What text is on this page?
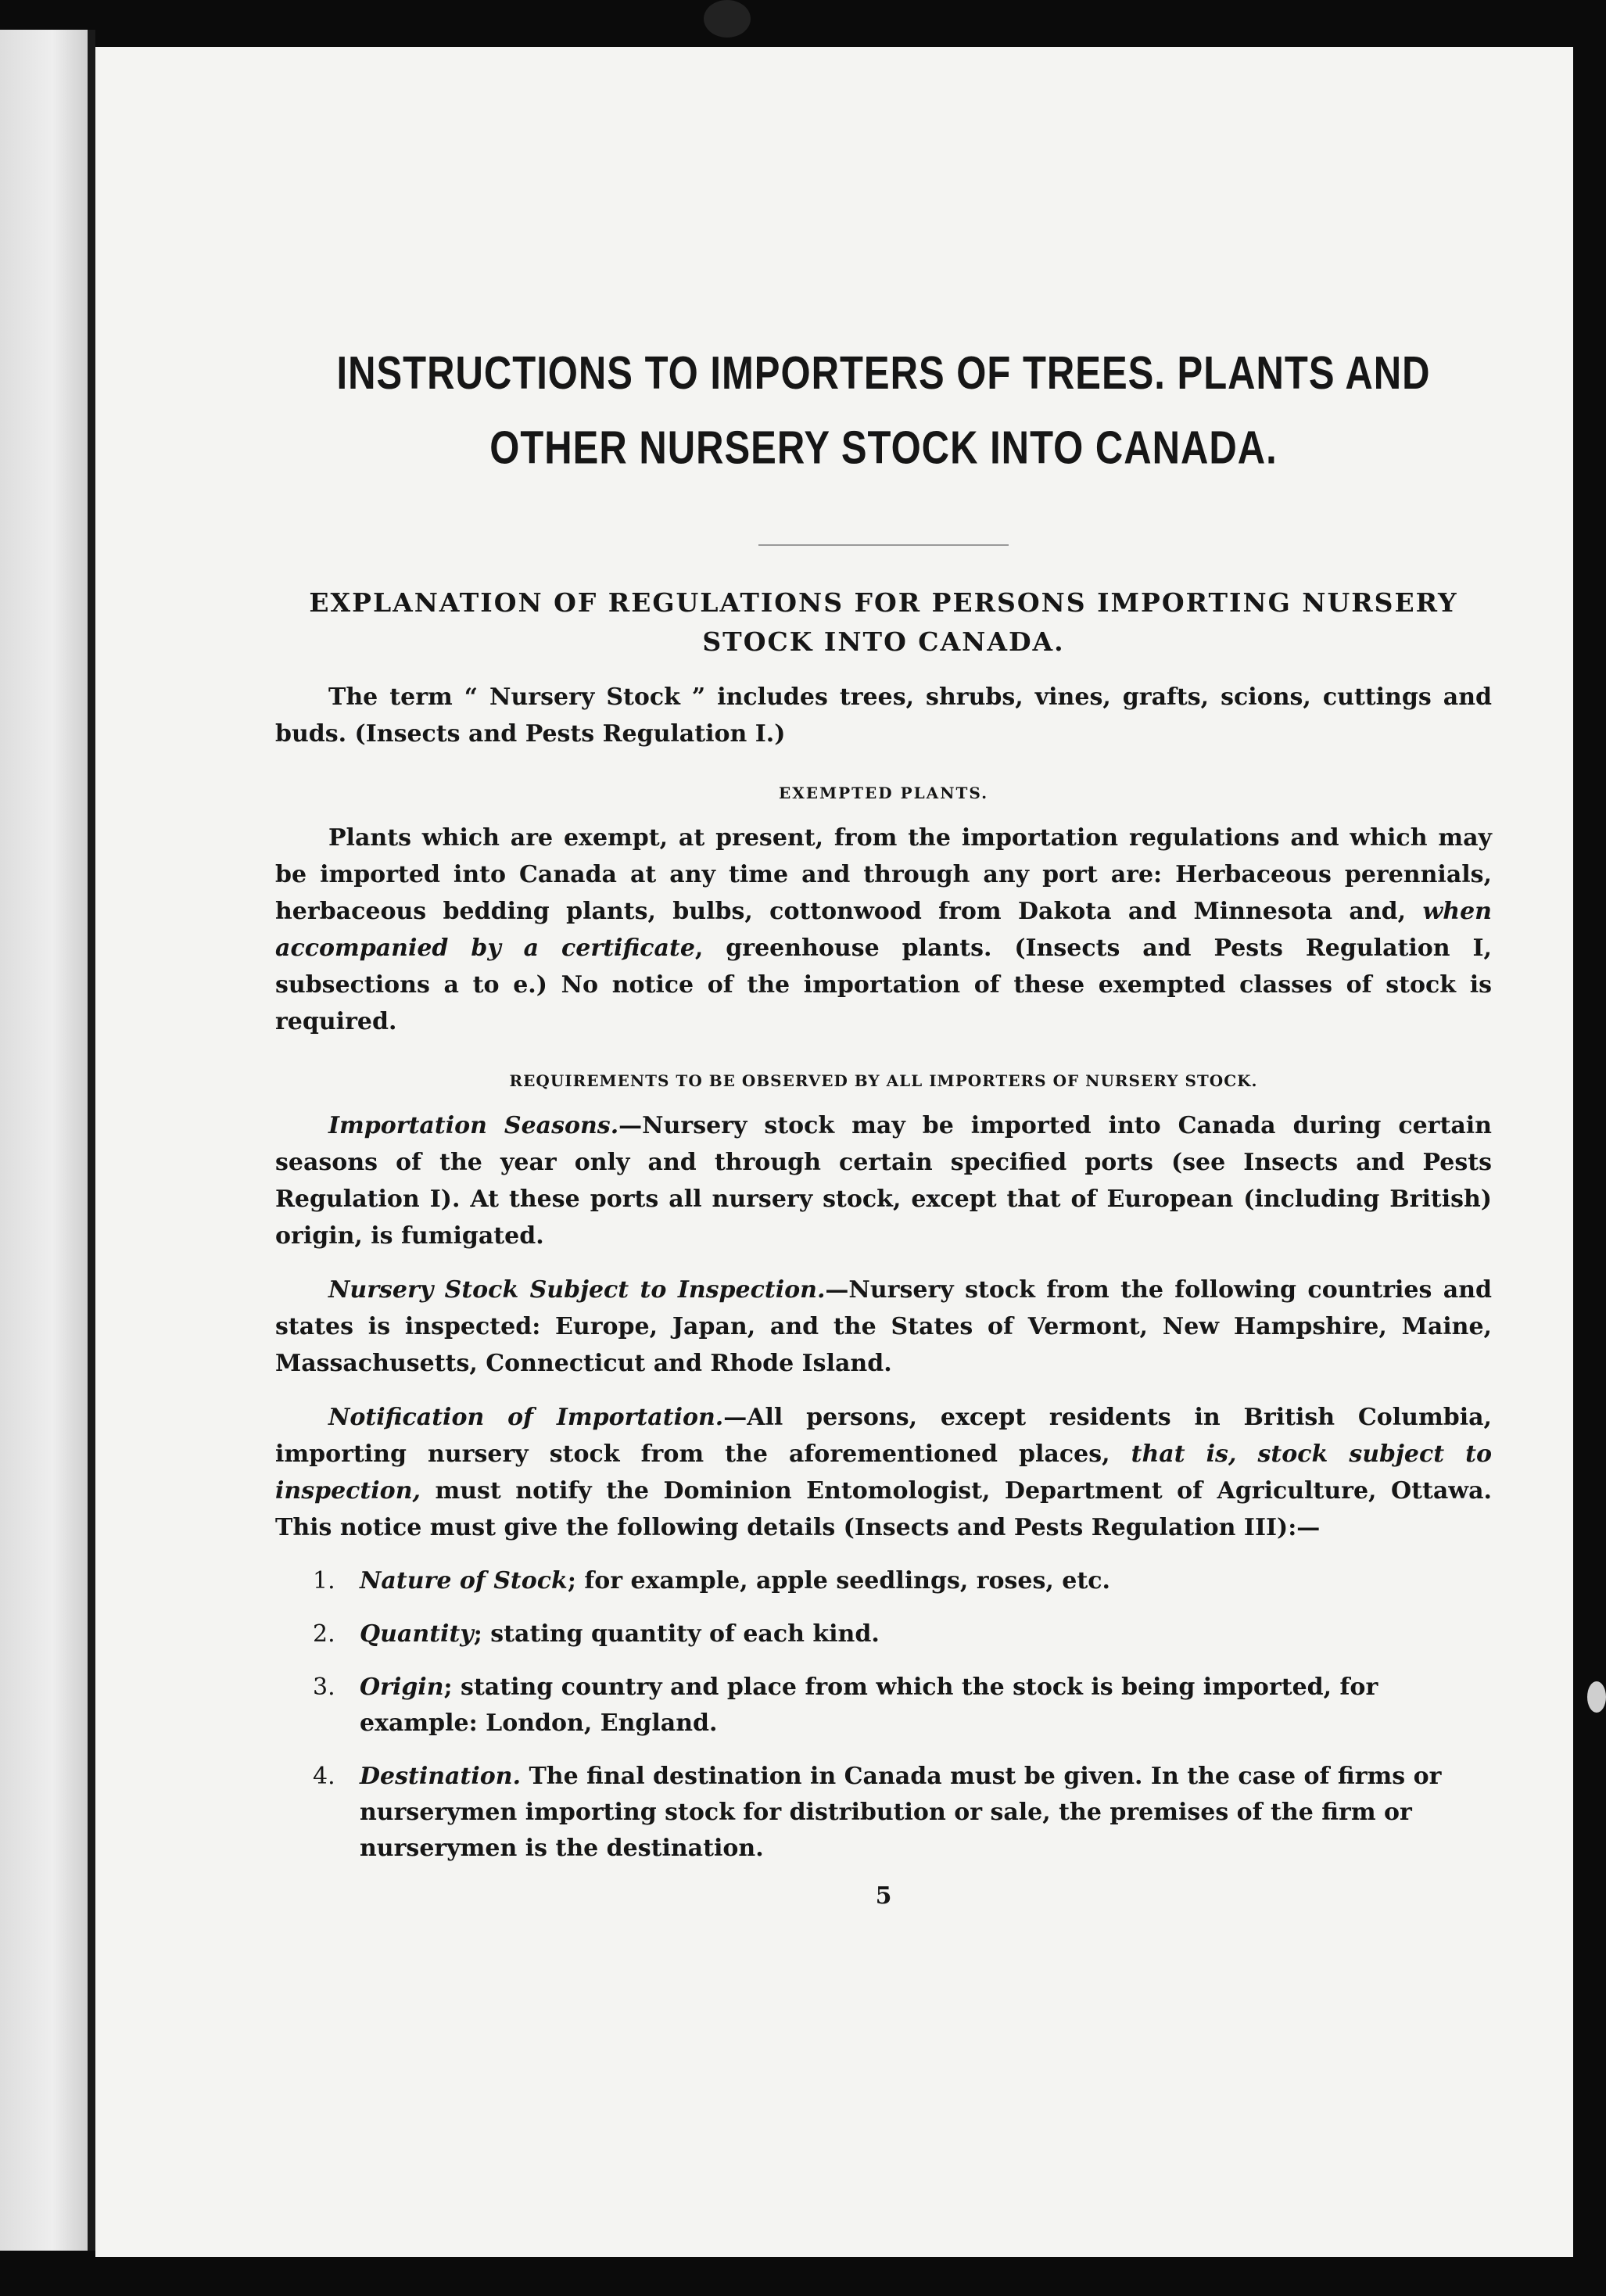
INSTRUCTIONS TO IMPORTERS OF TREES. PLANTS AND OTHER NURSERY STOCK INTO CANADA.
EXPLANATION OF REGULATIONS FOR PERSONS IMPORTING NURSERY STOCK INTO CANADA.

The term “ Nursery Stock ” includes trees, shrubs, vines, grafts, scions, cuttings and buds. (Insects and Pests Regulation I.)

EXEMPTED PLANTS.

Plants which are exempt, at present, from the importation regulations and which may be imported into Canada at any time and through any port are: Herbaceous perennials, herbaceous bedding plants, bulbs, cottonwood from Dakota and Minnesota and, when accompanied by a certificate, greenhouse plants. (Insects and Pests Regulation I, subsections a to e.) No notice of the importation of these exempted classes of stock is required.

REQUIREMENTS TO BE OBSERVED BY ALL IMPORTERS OF NURSERY STOCK.

Importation Seasons.—Nursery stock may be imported into Canada during certain seasons of the year only and through certain specified ports (see Insects and Pests Regulation I). At these ports all nursery stock, except that of European (including British) origin, is fumigated.

Nursery Stock Subject to Inspection.—Nursery stock from the following countries and states is inspected: Europe, Japan, and the States of Vermont, New Hampshire, Maine, Massachusetts, Connecticut and Rhode Island.

Notification of Importation.—All persons, except residents in British Columbia, importing nursery stock from the aforementioned places, that is, stock subject to inspection, must notify the Dominion Entomologist, Department of Agriculture, Ottawa. This notice must give the following details (Insects and Pests Regulation III):—

1. Nature of Stock; for example, apple seedlings, roses, etc.
2. Quantity; stating quantity of each kind.
3. Origin; stating country and place from which the stock is being imported, for example: London, England.
4. Destination. The final destination in Canada must be given. In the case of firms or nurserymen importing stock for distribution or sale, the premises of the firm or nurserymen is the destination.
5
